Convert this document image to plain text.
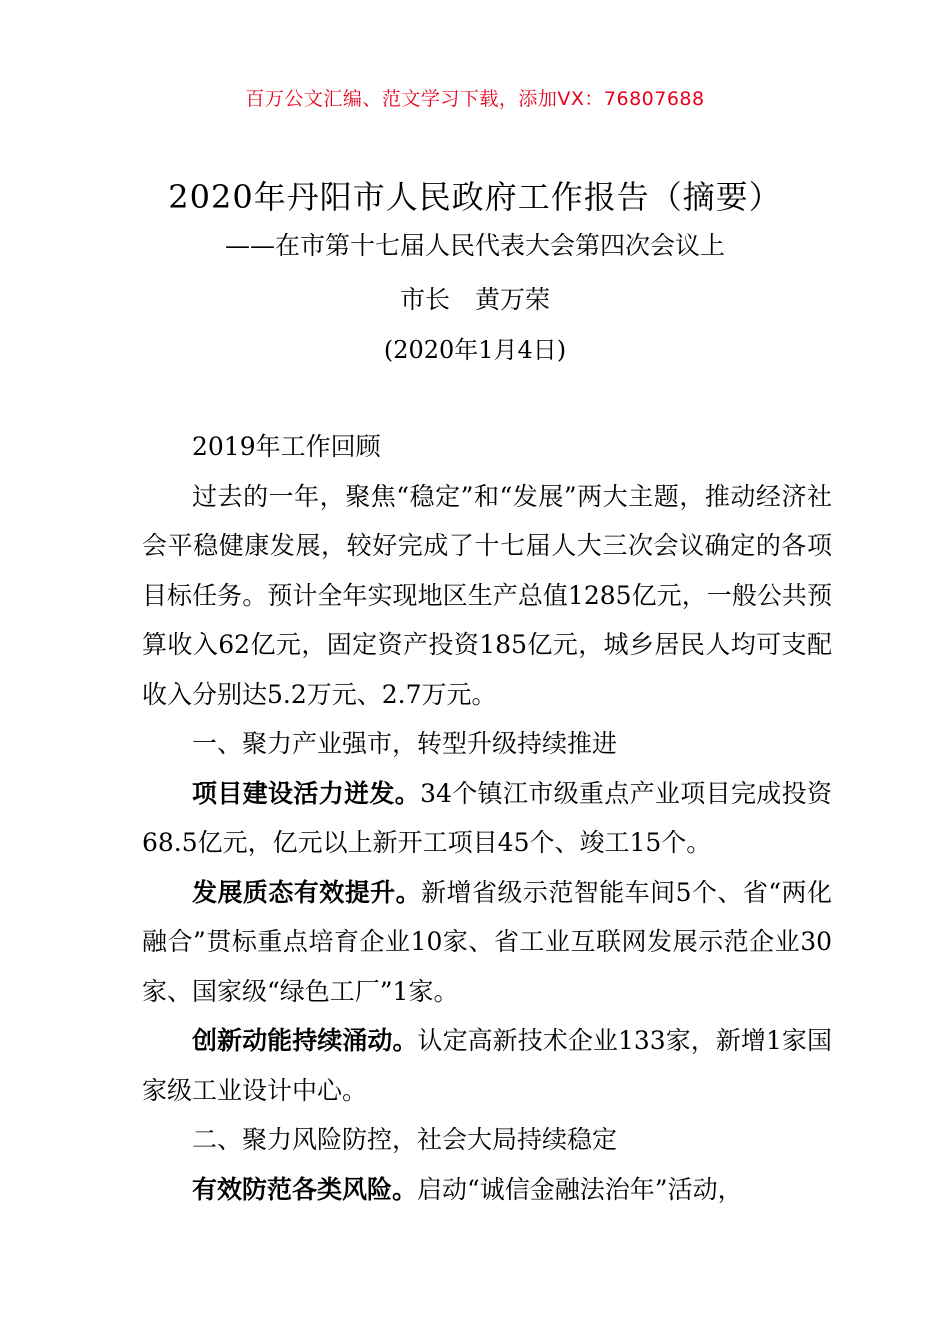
百万公文汇编、范文学习下载，添加VX：76807688
2020年丹阳市人民政府工作报告（摘要）
——在市第十七届人民代表大会第四次会议上
市长　黄万荣
(2020年1月4日)

2019年工作回顾

过去的一年，聚焦“稳定”和“发展”两大主题，推动经济社会平稳健康发展，较好完成了十七届人大三次会议确定的各项目标任务。预计全年实现地区生产总值1285亿元，一般公共预算收入62亿元，固定资产投资185亿元，城乡居民人均可支配收入分别达5.2万元、2.7万元。

一、聚力产业强市，转型升级持续推进

项目建设活力迸发。34个镇江市级重点产业项目完成投资68.5亿元，亿元以上新开工项目45个、竣工15个。

发展质态有效提升。新增省级示范智能车间5个、省“两化融合”贯标重点培育企业10家、省工业互联网发展示范企业30家、国家级“绿色工厂”1家。

创新动能持续涌动。认定高新技术企业133家，新增1家国家级工业设计中心。

二、聚力风险防控，社会大局持续稳定

有效防范各类风险。启动“诚信金融法治年”活动，
